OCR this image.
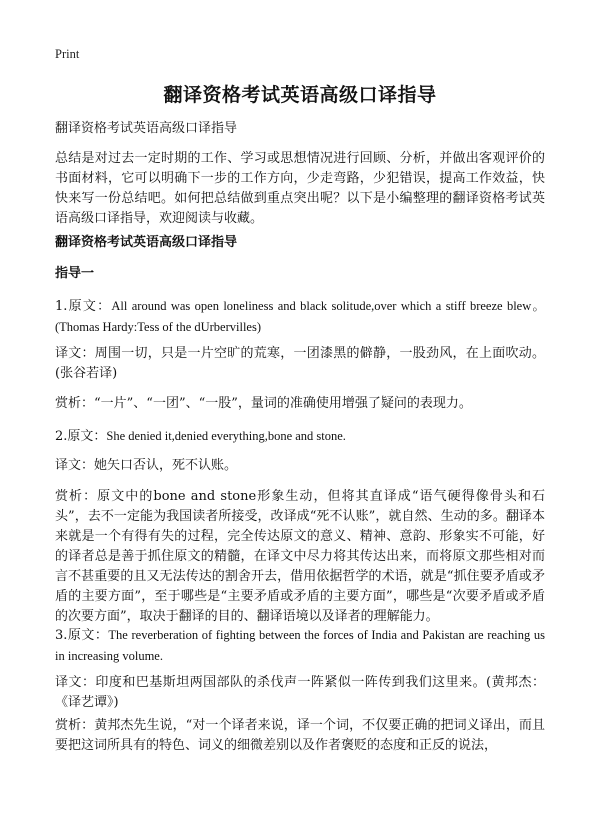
Print
翻译资格考试英语高级口译指导

翻译资格考试英语高级口译指导

总结是对过去一定时期的工作、学习或思想情况进行回顾、分析，并做出客观评价的书面材料，它可以明确下一步的工作方向，少走弯路，少犯错误，提高工作效益，快快来写一份总结吧。如何把总结做到重点突出呢？以下是小编整理的翻译资格考试英语高级口译指导，欢迎阅读与收藏。

翻译资格考试英语高级口译指导

指导一

1.原文：All around was open loneliness and black solitude,over which a stiff breeze blew。(Thomas Hardy:Tess of the dUrbervilles)

译文：周围一切，只是一片空旷的荒寒，一团漆黑的僻静，一股劲风，在上面吹动。(张谷若译)

赏析：“一片”、“一团”、“一股”，量词的准确使用增强了疑问的表现力。

2.原文：She denied it,denied everything,bone and stone.

译文：她矢口否认，死不认账。

赏析：原文中的bone and stone形象生动，但将其直译成“语气硬得像骨头和石头”，去不一定能为我国读者所接受，改译成“死不认账”，就自然、生动的多。翻译本来就是一个有得有失的过程，完全传达原文的意义、精神、意韵、形象实不可能，好的译者总是善于抓住原文的精髓，在译文中尽力将其传达出来，而将原文那些相对而言不甚重要的且又无法传达的割舍开去，借用依据哲学的术语，就是“抓住要矛盾或矛盾的主要方面”，至于哪些是“主要矛盾或矛盾的主要方面”，哪些是“次要矛盾或矛盾的次要方面”，取决于翻译的目的、翻译语境以及译者的理解能力。

3.原文：The reverberation of fighting between the forces of India and Pakistan are reaching us in increasing volume.

译文：印度和巴基斯坦两国部队的杀伐声一阵紧似一阵传到我们这里来。(黄邦杰：《译艺谭》)

赏析：黄邦杰先生说，“对一个译者来说，译一个词，不仅要正确的把词义译出，而且要把这词所具有的特色、词义的细微差别以及作者褒贬的态度和正反的说法，
